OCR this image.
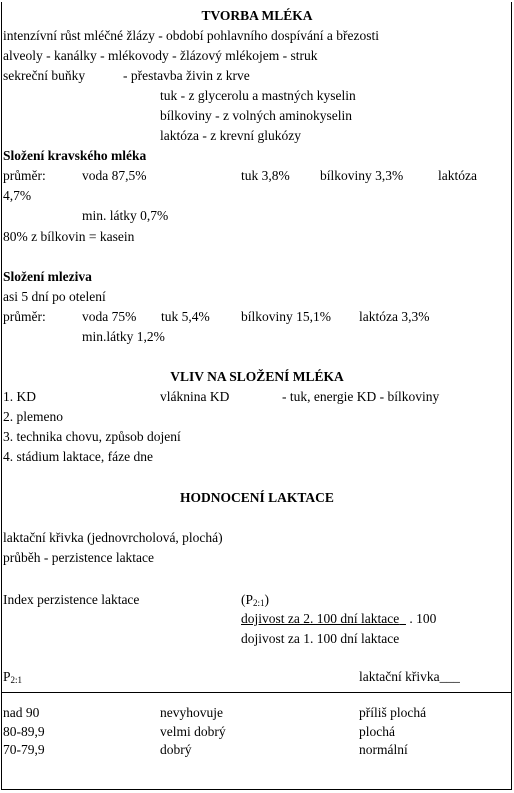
TVORBA MLÉKA
intenzívní růst mléčné žlázy - období pohlavního dospívání a březosti
alveoly - kanálky - mlékovody - žlázový mlékojem - struk
sekreční buňky	- přestavba živin z krve
tuk - z glycerolu a mastných kyselin
bílkoviny - z volných aminokyselin
laktóza - z krevní glukózy
Složení kravského mléka
průměr:	voda 87,5%	tuk 3,8% bílkoviny 3,3%	laktóza
4,7%
min. látky 0,7%
80% z bílkovin = kasein
Složení mleziva
asi 5 dní po otelení
průměr:	voda 75% tuk 5,4% bílkoviny 15,1% laktóza 3,3%
min.látky 1,2%
VLIV NA SLOŽENÍ MLÉKA
1. KD	vláknina KD	- tuk, energie KD - bílkoviny
2. plemeno
3. technika chovu, způsob dojení
4. stádium laktace, fáze dne
HODNOCENÍ LAKTACE
laktační křivka (jednovrcholová, plochá)
průběh - perzistence laktace
Index perzistence laktace	$(P_{2:1})$
dojivost za 2. 100 dní laktace   . 100
dojivost za 1. 100 dní laktace
$P_{2:1}$	laktační křivka___
nad 90	nevyhovuje	příliš plochá
80-89,9	velmi dobrý	plochá
70-79,9	dobrý	normální
